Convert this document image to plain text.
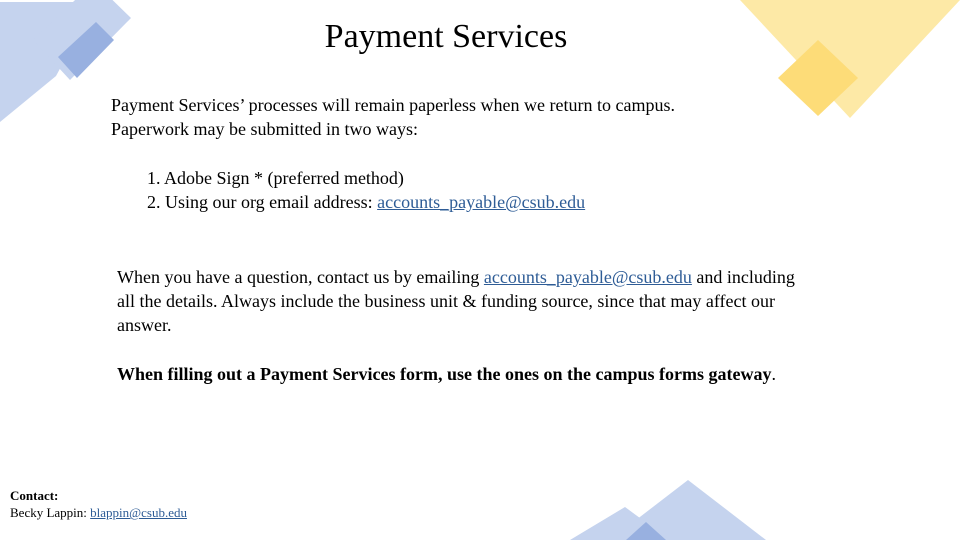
Payment Services
Payment Services’ processes will remain paperless when we return to campus.
Paperwork may be submitted in two ways:
1. Adobe Sign * (preferred method)
2. Using our org email address: accounts_payable@csub.edu
When you have a question, contact us by emailing accounts_payable@csub.edu and including all the details. Always include the business unit & funding source, since that may affect our answer.
When filling out a Payment Services form, use the ones on the campus forms gateway.
Contact:
Becky Lappin: blappin@csub.edu
